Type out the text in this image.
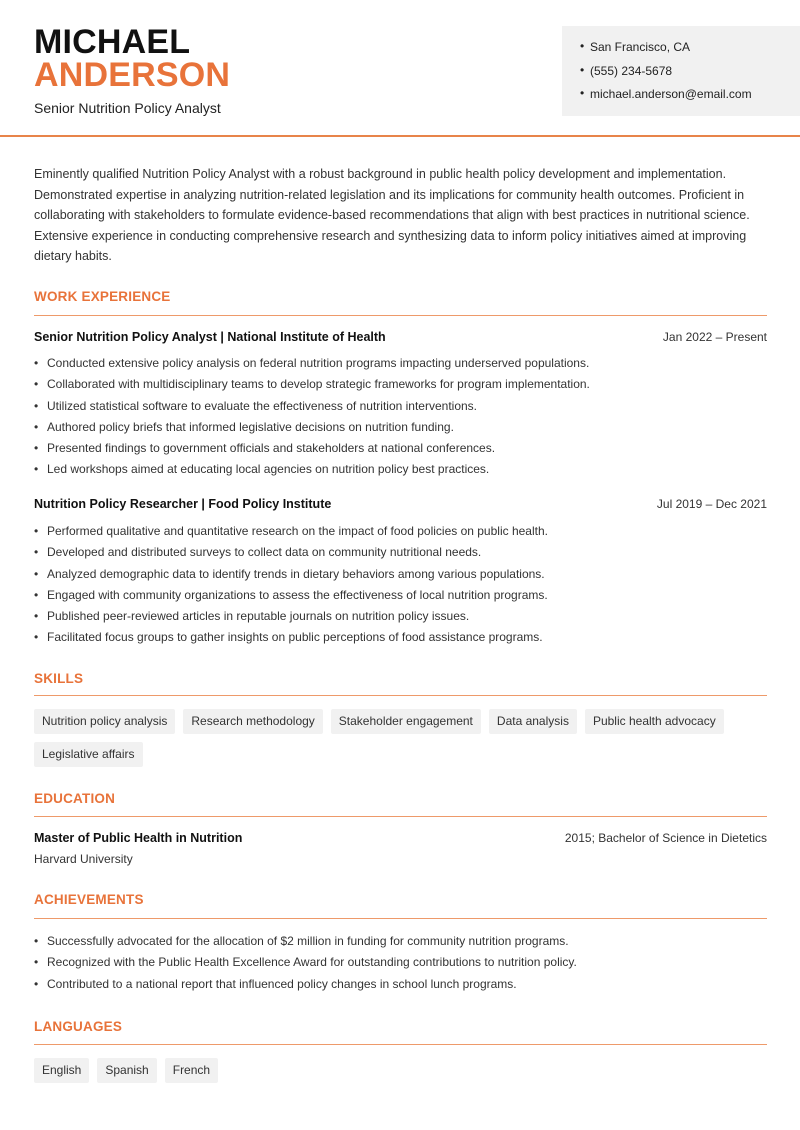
MICHAEL
ANDERSON
Senior Nutrition Policy Analyst
• San Francisco, CA
• (555) 234-5678
• michael.anderson@email.com

Eminently qualified Nutrition Policy Analyst with a robust background in public health policy development and implementation. Demonstrated expertise in analyzing nutrition-related legislation and its implications for community health outcomes. Proficient in collaborating with stakeholders to formulate evidence-based recommendations that align with best practices in nutritional science. Extensive experience in conducting comprehensive research and synthesizing data to inform policy initiatives aimed at improving dietary habits.

WORK EXPERIENCE
Senior Nutrition Policy Analyst | National Institute of Health	Jan 2022 – Present
• Conducted extensive policy analysis on federal nutrition programs impacting underserved populations.
• Collaborated with multidisciplinary teams to develop strategic frameworks for program implementation.
• Utilized statistical software to evaluate the effectiveness of nutrition interventions.
• Authored policy briefs that informed legislative decisions on nutrition funding.
• Presented findings to government officials and stakeholders at national conferences.
• Led workshops aimed at educating local agencies on nutrition policy best practices.
Nutrition Policy Researcher | Food Policy Institute	Jul 2019 – Dec 2021
• Performed qualitative and quantitative research on the impact of food policies on public health.
• Developed and distributed surveys to collect data on community nutritional needs.
• Analyzed demographic data to identify trends in dietary behaviors among various populations.
• Engaged with community organizations to assess the effectiveness of local nutrition programs.
• Published peer-reviewed articles in reputable journals on nutrition policy issues.
• Facilitated focus groups to gather insights on public perceptions of food assistance programs.
SKILLS
Nutrition policy analysis	Research methodology	Stakeholder engagement	Data analysis	Public health advocacy
Legislative affairs
EDUCATION
Master of Public Health in Nutrition	2015; Bachelor of Science in Dietetics
Harvard University
ACHIEVEMENTS
• Successfully advocated for the allocation of $2 million in funding for community nutrition programs.
• Recognized with the Public Health Excellence Award for outstanding contributions to nutrition policy.
• Contributed to a national report that influenced policy changes in school lunch programs.
LANGUAGES
English	Spanish	French
